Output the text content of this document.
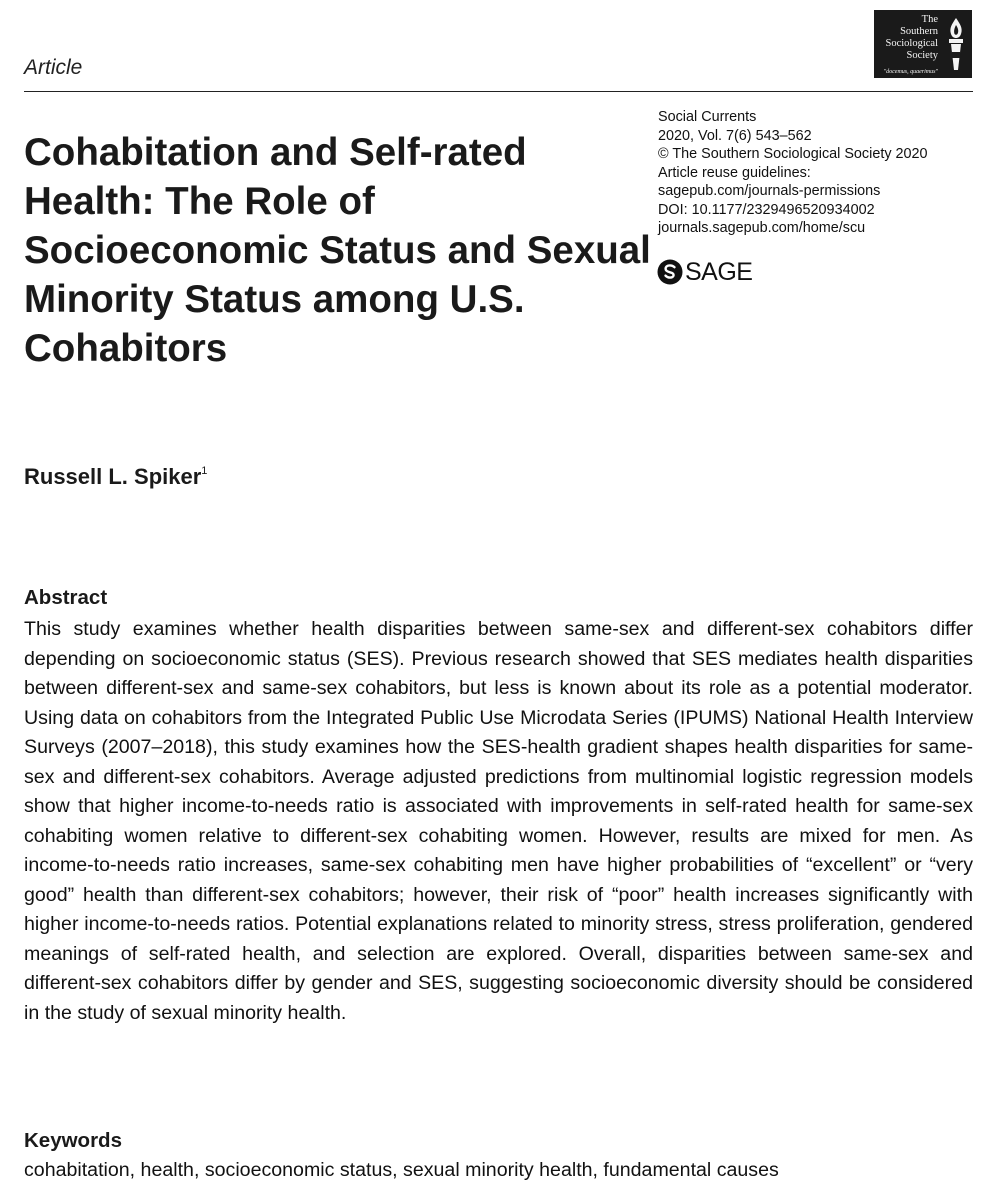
Article
The
Southern
Sociological
Society
"docemus, quaerimus"
Cohabitation and Self-rated Health: The Role of Socioeconomic Status and Sexual Minority Status among U.S. Cohabitors
Social Currents
2020, Vol. 7(6) 543–562
© The Southern Sociological Society 2020
Article reuse guidelines:
sagepub.com/journals-permissions
DOI: 10.1177/2329496520934002
journals.sagepub.com/home/scu
SAGE
Russell L. Spiker$^1$
Abstract

This study examines whether health disparities between same-sex and different-sex cohabitors differ depending on socioeconomic status (SES). Previous research showed that SES mediates health disparities between different-sex and same-sex cohabitors, but less is known about its role as a potential moderator. Using data on cohabitors from the Integrated Public Use Microdata Series (IPUMS) National Health Interview Surveys (2007–2018), this study examines how the SES-health gradient shapes health disparities for same-sex and different-sex cohabitors. Average adjusted predictions from multinomial logistic regression models show that higher income-to-needs ratio is associated with improvements in self-rated health for same-sex cohabiting women relative to different-sex cohabiting women. However, results are mixed for men. As income-to-needs ratio increases, same-sex cohabiting men have higher probabilities of “excellent” or “very good” health than different-sex cohabitors; however, their risk of “poor” health increases significantly with higher income-to-needs ratios. Potential explanations related to minority stress, stress proliferation, gendered meanings of self-rated health, and selection are explored. Overall, disparities between same-sex and different-sex cohabitors differ by gender and SES, suggesting socioeconomic diversity should be considered in the study of sexual minority health.

Keywords
cohabitation, health, socioeconomic status, sexual minority health, fundamental causes
